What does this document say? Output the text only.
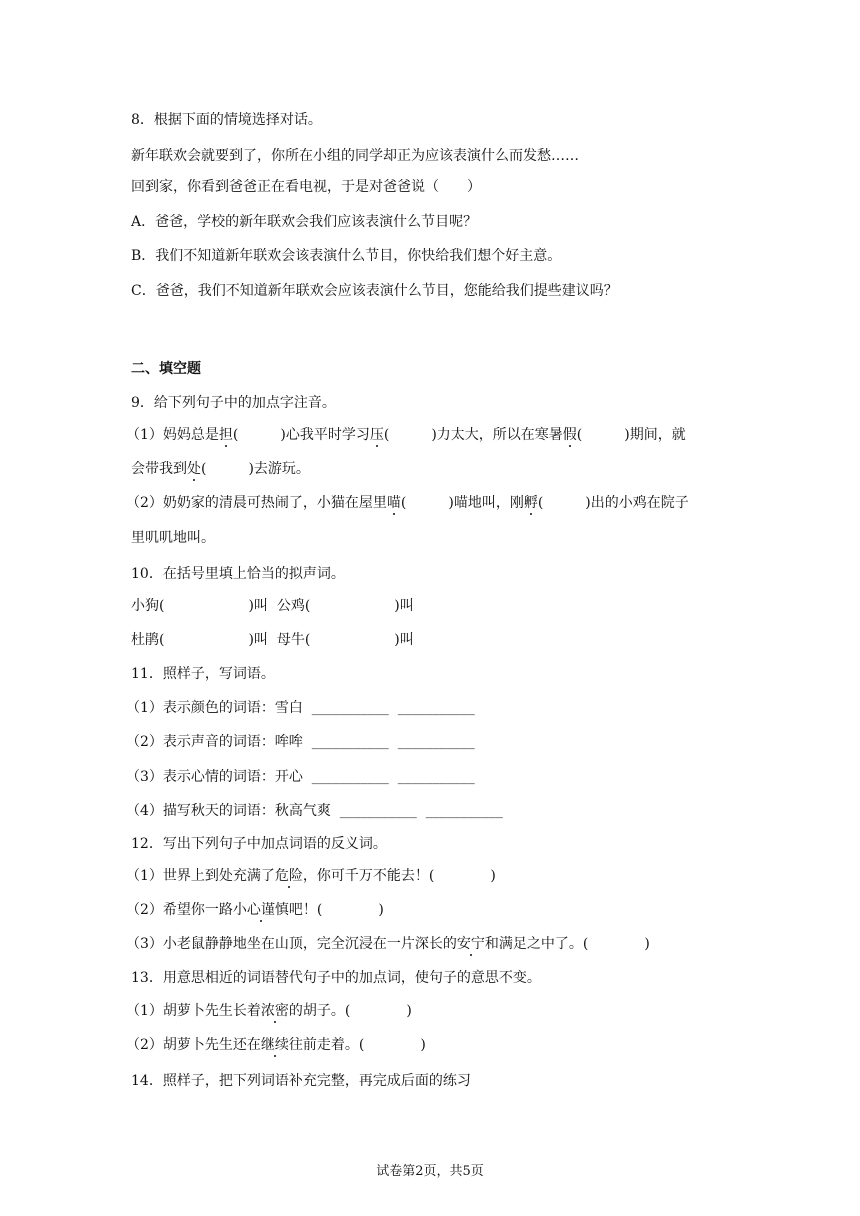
8．根据下面的情境选择对话。
新年联欢会就要到了，你所在小组的同学却正为应该表演什么而发愁……
回到家，你看到爸爸正在看电视，于是对爸爸说（　　）
A．爸爸，学校的新年联欢会我们应该表演什么节目呢？
B．我们不知道新年联欢会该表演什么节目，你快给我们想个好主意。
C．爸爸，我们不知道新年联欢会应该表演什么节目，您能给我们提些建议吗？
二、填空题
9．给下列句子中的加点字注音。
（1）妈妈总是担(　　　)心我平时学习压(　　　)力太大，所以在寒暑假(　　　)期间，就
会带我到处(　　　)去游玩。
（2）奶奶家的清晨可热闹了，小猫在屋里喵(　　　)喵地叫，刚孵(　　　)出的小鸡在院子
里叽叽地叫。
10．在括号里填上恰当的拟声词。
小狗(　　　　　　)叫  公鸡(　　　　　　)叫
杜鹃(　　　　　　)叫  母牛(　　　　　　)叫
11．照样子，写词语。
（1）表示颜色的词语：雪白  ___________  ___________
（2）表示声音的词语：哞哞  ___________  ___________
（3）表示心情的词语：开心  ___________  ___________
（4）描写秋天的词语：秋高气爽  ___________  ___________
12．写出下列句子中加点词语的反义词。
（1）世界上到处充满了危险，你可千万不能去！(　　　　)
（2）希望你一路小心谨慎吧！(　　　　)
（3）小老鼠静静地坐在山顶，完全沉浸在一片深长的安宁和满足之中了。(　　　　)
13．用意思相近的词语替代句子中的加点词，使句子的意思不变。
（1）胡萝卜先生长着浓密的胡子。(　　　　)
（2）胡萝卜先生还在继续往前走着。(　　　　)
14．照样子，把下列词语补充完整，再完成后面的练习
试卷第2页，共5页
